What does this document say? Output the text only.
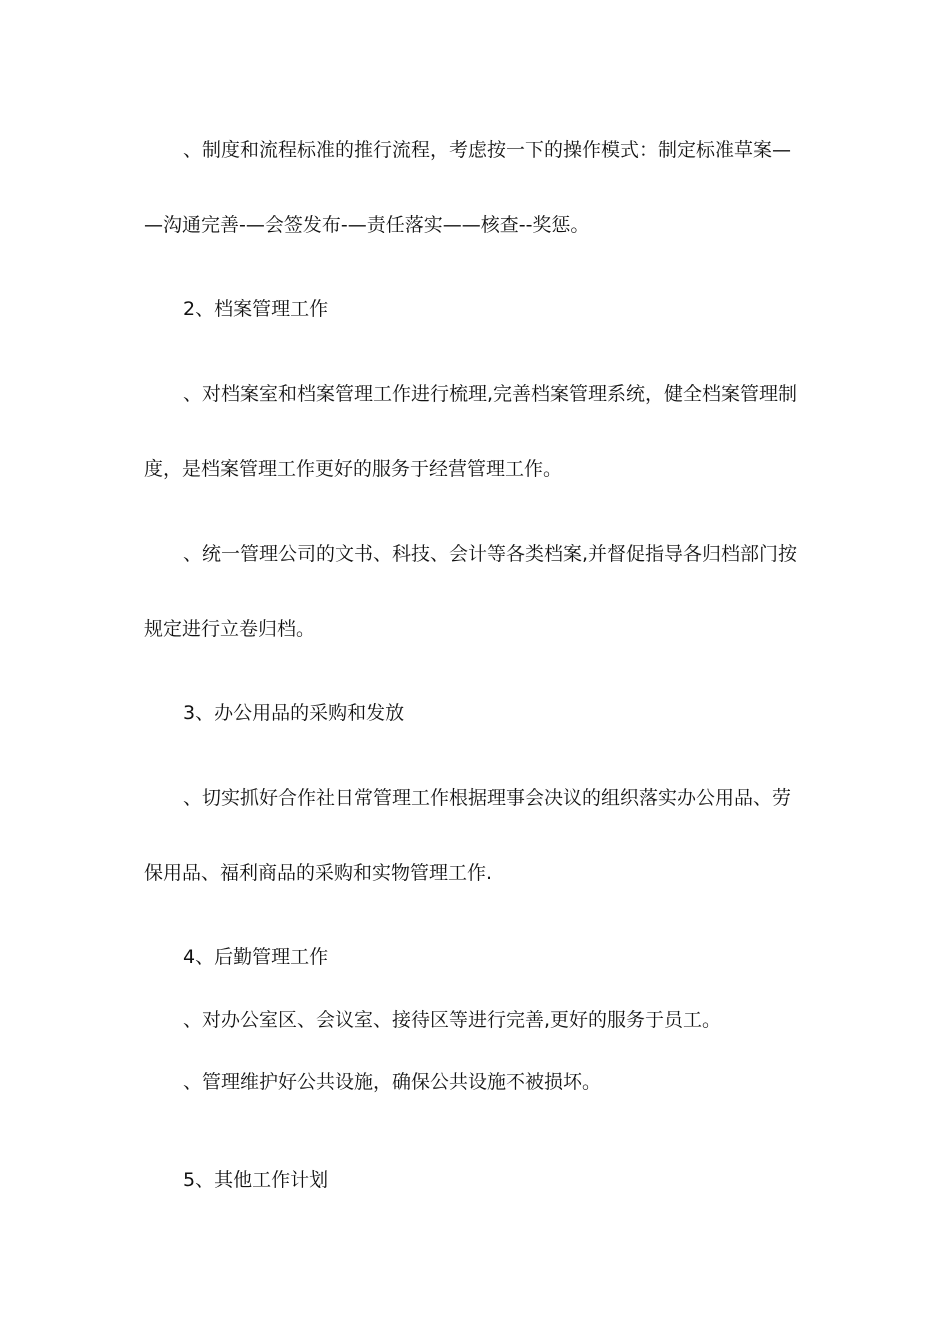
、制度和流程标准的推行流程，考虑按一下的操作模式：制定标准草案—
—沟通完善-—会签发布-—责任落实——核查--奖惩。
2、档案管理工作
、对档案室和档案管理工作进行梳理,完善档案管理系统，健全档案管理制
度，是档案管理工作更好的服务于经营管理工作。
、统一管理公司的文书、科技、会计等各类档案,并督促指导各归档部门按
规定进行立卷归档。
3、办公用品的采购和发放
、切实抓好合作社日常管理工作根据理事会决议的组织落实办公用品、劳
保用品、福利商品的采购和实物管理工作.
4、后勤管理工作
、对办公室区、会议室、接待区等进行完善,更好的服务于员工。
、管理维护好公共设施，确保公共设施不被损坏。
5、其他工作计划
